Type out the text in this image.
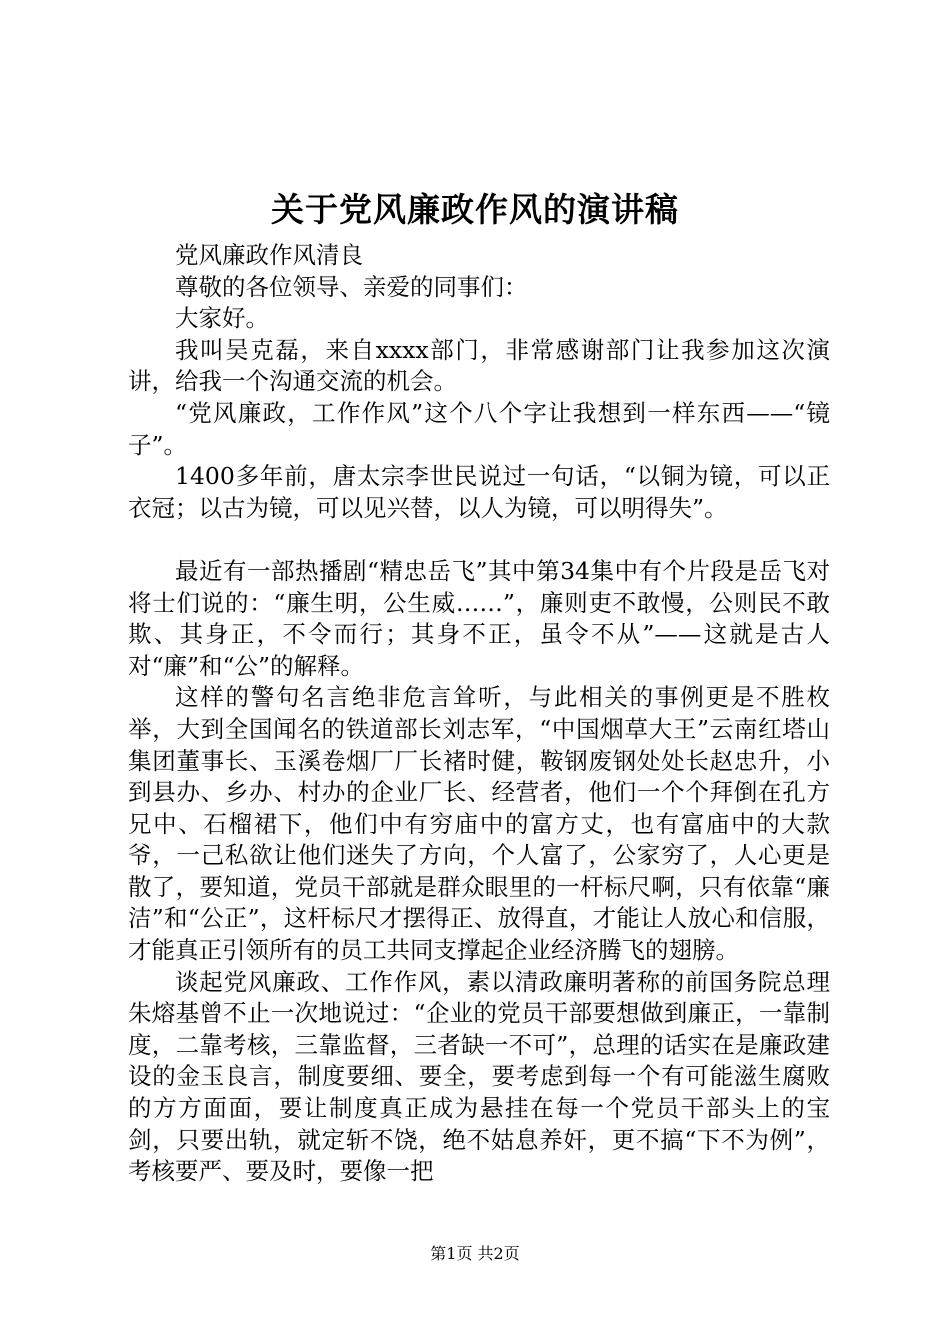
关于党风廉政作风的演讲稿

党风廉政作风清良

尊敬的各位领导、亲爱的同事们：

大家好。

我叫吴克磊，来自xxxx部门，非常感谢部门让我参加这次演讲，给我一个沟通交流的机会。

“党风廉政，工作作风”这个八个字让我想到一样东西——“镜子”。

1400多年前，唐太宗李世民说过一句话，“以铜为镜，可以正衣冠；以古为镜，可以见兴替，以人为镜，可以明得失”。

最近有一部热播剧“精忠岳飞”其中第34集中有个片段是岳飞对将士们说的：“廉生明，公生威……”，廉则吏不敢慢，公则民不敢欺、其身正，不令而行；其身不正，虽令不从”——这就是古人对“廉”和“公”的解释。

这样的警句名言绝非危言耸听，与此相关的事例更是不胜枚举，大到全国闻名的铁道部长刘志军，“中国烟草大王”云南红塔山集团董事长、玉溪卷烟厂厂长褚时健，鞍钢废钢处处长赵忠升，小到县办、乡办、村办的企业厂长、经营者，他们一个个拜倒在孔方兄中、石榴裙下，他们中有穷庙中的富方丈，也有富庙中的大款爷，一己私欲让他们迷失了方向，个人富了，公家穷了，人心更是散了，要知道，党员干部就是群众眼里的一杆标尺啊，只有依靠“廉洁”和“公正”，这杆标尺才摆得正、放得直，才能让人放心和信服，才能真正引领所有的员工共同支撑起企业经济腾飞的翅膀。

谈起党风廉政、工作作风，素以清政廉明著称的前国务院总理朱熔基曾不止一次地说过：“企业的党员干部要想做到廉正，一靠制度，二靠考核，三靠监督，三者缺一不可”，总理的话实在是廉政建设的金玉良言，制度要细、要全，要考虑到每一个有可能滋生腐败的方方面面，要让制度真正成为悬挂在每一个党员干部头上的宝剑，只要出轨，就定斩不饶，绝不姑息养奸，更不搞“下不为例”，考核要严、要及时，要像一把

第1页 共2页
